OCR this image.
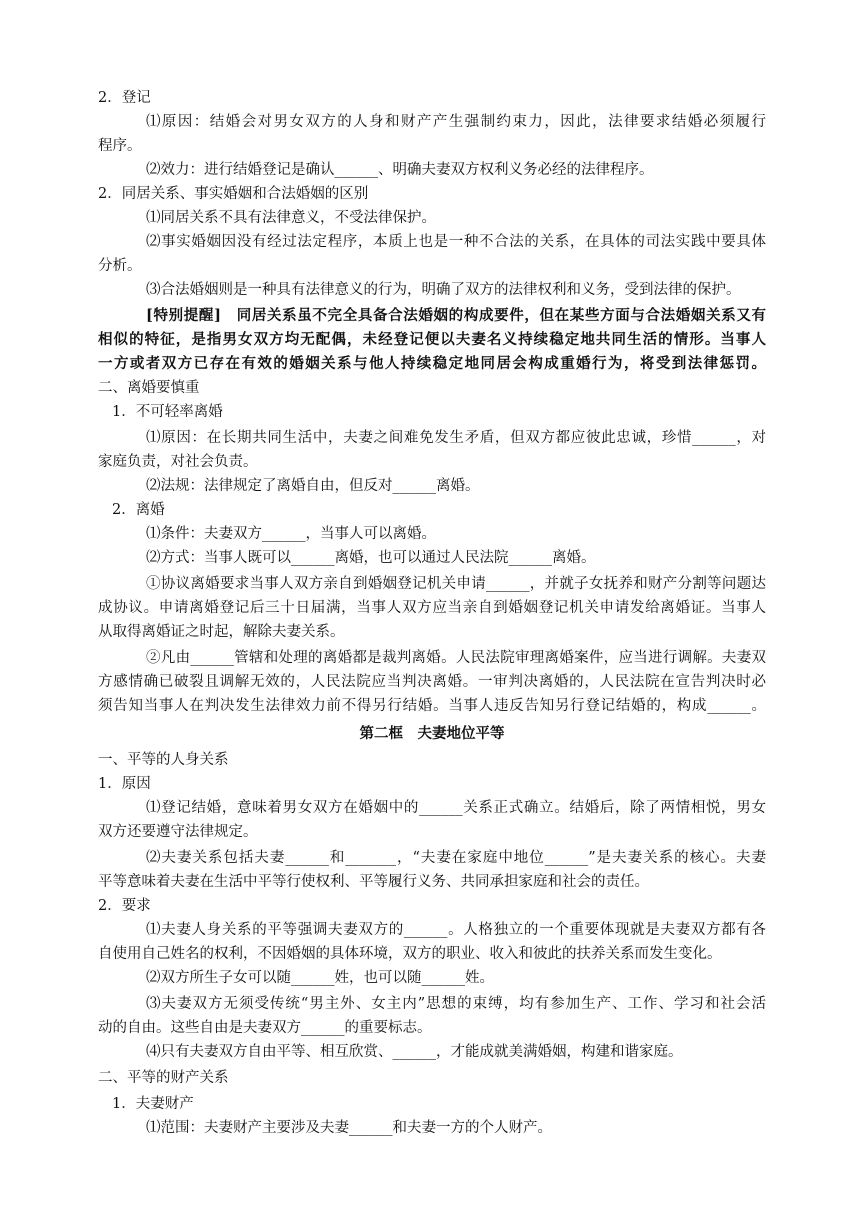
2．登记
⑴原因：结婚会对男女双方的人身和财产产生强制约束力，因此，法律要求结婚必须履行
程序。
⑵效力：进行结婚登记是确认______、明确夫妻双方权利义务必经的法律程序。
2．同居关系、事实婚姻和合法婚姻的区别
⑴同居关系不具有法律意义，不受法律保护。
⑵事实婚姻因没有经过法定程序，本质上也是一种不合法的关系，在具体的司法实践中要具体
分析。
⑶合法婚姻则是一种具有法律意义的行为，明确了双方的法律权利和义务，受到法律的保护。
[特别提醒]　同居关系虽不完全具备合法婚姻的构成要件，但在某些方面与合法婚姻关系又有
相似的特征，是指男女双方均无配偶，未经登记便以夫妻名义持续稳定地共同生活的情形。当事人
一方或者双方已存在有效的婚姻关系与他人持续稳定地同居会构成重婚行为，将受到法律惩罚。
二、离婚要慎重
1．不可轻率离婚
⑴原因：在长期共同生活中，夫妻之间难免发生矛盾，但双方都应彼此忠诚，珍惜______，对
家庭负责，对社会负责。
⑵法规：法律规定了离婚自由，但反对______离婚。
2．离婚
⑴条件：夫妻双方______，当事人可以离婚。
⑵方式：当事人既可以______离婚，也可以通过人民法院______离婚。
①协议离婚要求当事人双方亲自到婚姻登记机关申请______，并就子女抚养和财产分割等问题达
成协议。申请离婚登记后三十日届满，当事人双方应当亲自到婚姻登记机关申请发给离婚证。当事人
从取得离婚证之时起，解除夫妻关系。
②凡由______管辖和处理的离婚都是裁判离婚。人民法院审理离婚案件，应当进行调解。夫妻双
方感情确已破裂且调解无效的，人民法院应当判决离婚。一审判决离婚的，人民法院在宣告判决时必
须告知当事人在判决发生法律效力前不得另行结婚。当事人违反告知另行登记结婚的，构成______。
第二框　夫妻地位平等
一、平等的人身关系
1．原因
⑴登记结婚，意味着男女双方在婚姻中的______关系正式确立。结婚后，除了两情相悦，男女
双方还要遵守法律规定。
⑵夫妻关系包括夫妻______和_______，“夫妻在家庭中地位______”是夫妻关系的核心。夫妻
平等意味着夫妻在生活中平等行使权利、平等履行义务、共同承担家庭和社会的责任。
2．要求
⑴夫妻人身关系的平等强调夫妻双方的______。人格独立的一个重要体现就是夫妻双方都有各
自使用自己姓名的权利，不因婚姻的具体环境，双方的职业、收入和彼此的扶养关系而发生变化。
⑵双方所生子女可以随______姓，也可以随______姓。
⑶夫妻双方无须受传统“男主外、女主内”思想的束缚，均有参加生产、工作、学习和社会活
动的自由。这些自由是夫妻双方______的重要标志。
⑷只有夫妻双方自由平等、相互欣赏、______，才能成就美满婚姻，构建和谐家庭。
二、平等的财产关系
1．夫妻财产
⑴范围：夫妻财产主要涉及夫妻______和夫妻一方的个人财产。
